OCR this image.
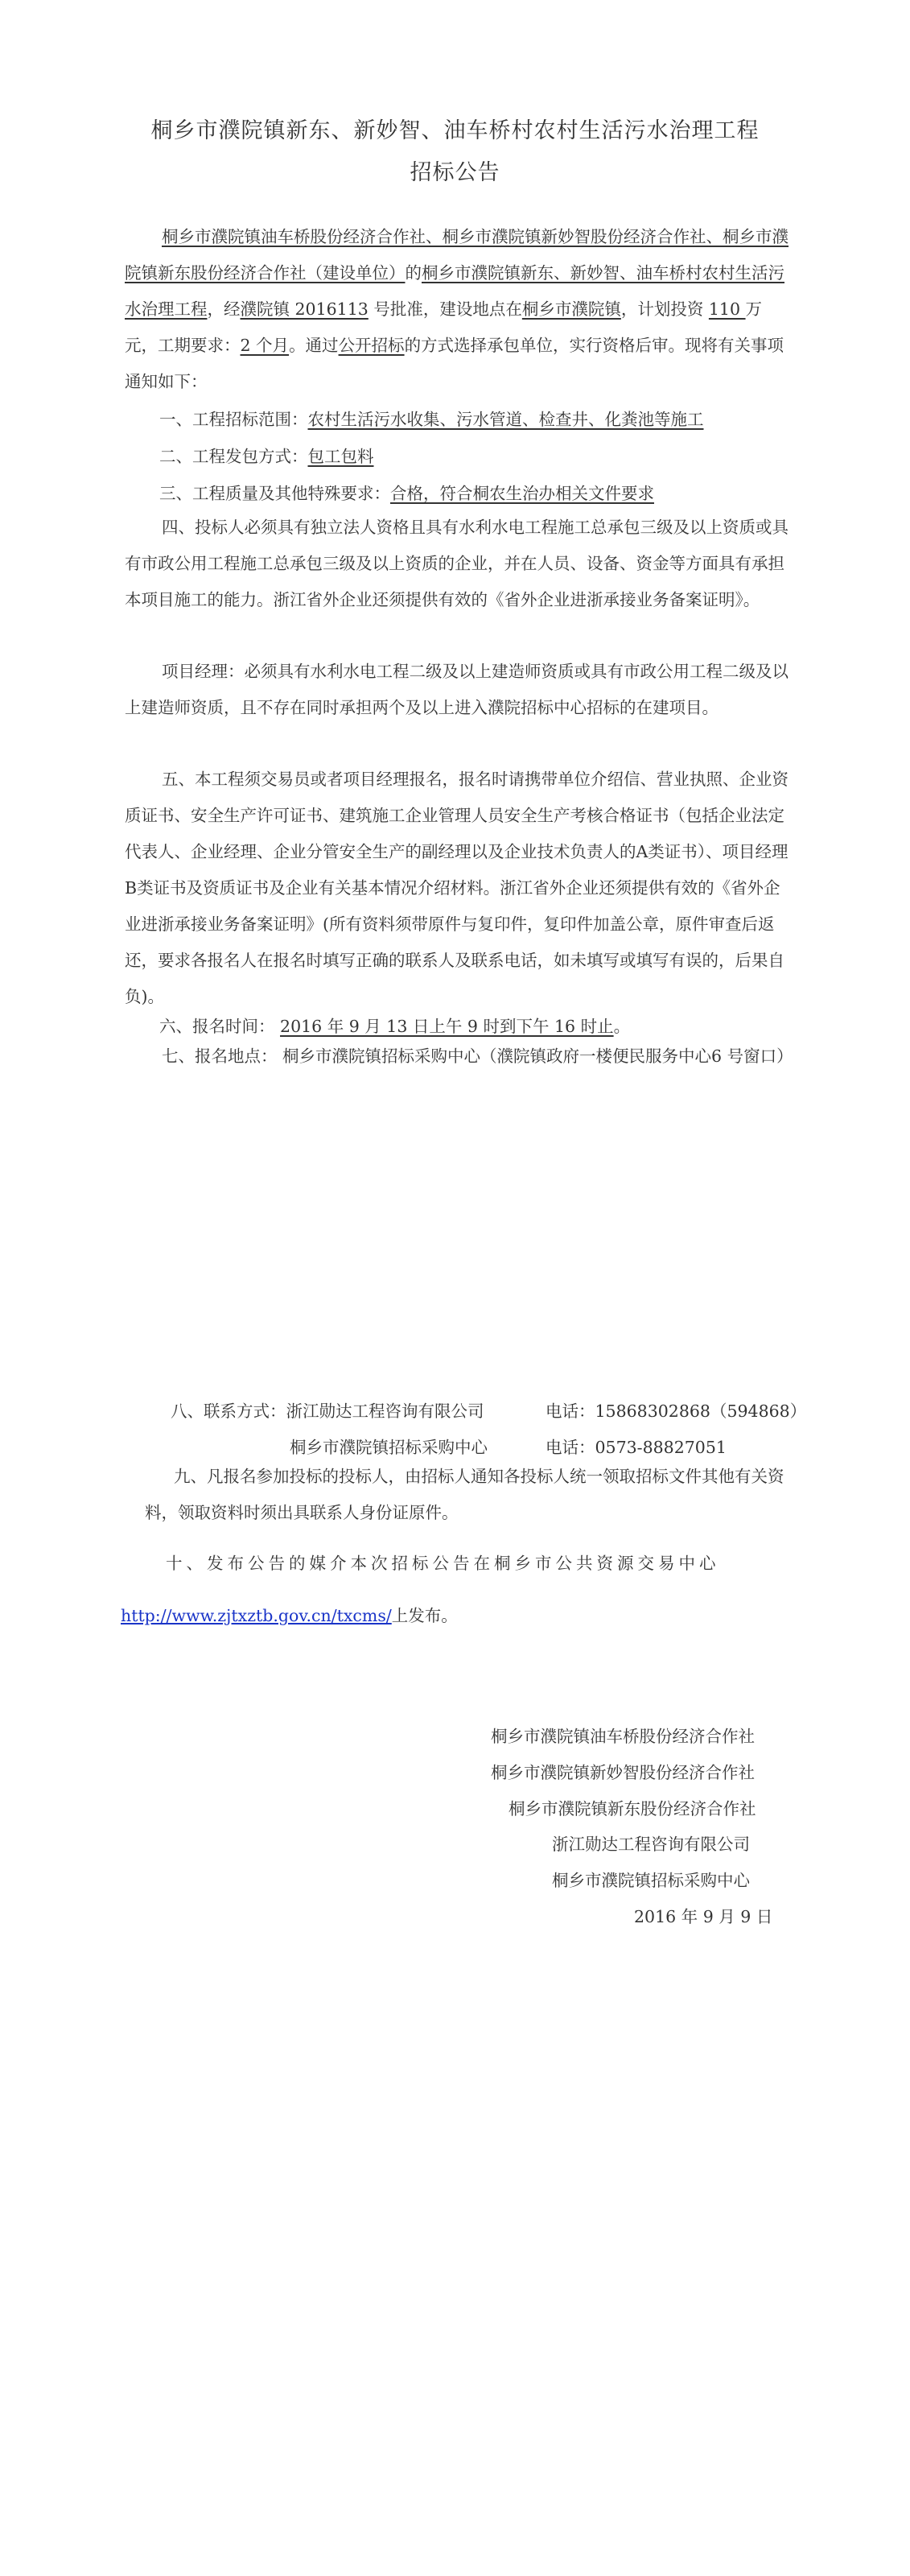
桐乡市濮院镇新东、新妙智、油车桥村农村生活污水治理工程
招标公告
桐乡市濮院镇油车桥股份经济合作社、桐乡市濮院镇新妙智股份经济合作社、桐乡市濮院镇新东股份经济合作社（建设单位）的桐乡市濮院镇新东、新妙智、油车桥村农村生活污水治理工程，经濮院镇 2016113 号批准，建设地点在桐乡市濮院镇，计划投资 110 万元，工期要求：2 个月。通过公开招标的方式选择承包单位，实行资格后审。现将有关事项通知如下：
一、工程招标范围：农村生活污水收集、污水管道、检查井、化粪池等施工
二、工程发包方式：包工包料
三、工程质量及其他特殊要求：合格，符合桐农生治办相关文件要求
四、投标人必须具有独立法人资格且具有水利水电工程施工总承包三级及以上资质或具有市政公用工程施工总承包三级及以上资质的企业，并在人员、设备、资金等方面具有承担本项目施工的能力。浙江省外企业还须提供有效的《省外企业进浙承接业务备案证明》。
项目经理：必须具有水利水电工程二级及以上建造师资质或具有市政公用工程二级及以上建造师资质，且不存在同时承担两个及以上进入濮院招标中心招标的在建项目。
五、本工程须交易员或者项目经理报名，报名时请携带单位介绍信、营业执照、企业资质证书、安全生产许可证书、建筑施工企业管理人员安全生产考核合格证书（包括企业法定代表人、企业经理、企业分管安全生产的副经理以及企业技术负责人的A类证书）、项目经理B类证书及资质证书及企业有关基本情况介绍材料。浙江省外企业还须提供有效的《省外企业进浙承接业务备案证明》(所有资料须带原件与复印件，复印件加盖公章，原件审查后返还，要求各报名人在报名时填写正确的联系人及联系电话，如未填写或填写有误的，后果自负)。
六、报名时间： 2016 年 9 月 13 日上午 9 时到下午 16 时止。
七、报名地点： 桐乡市濮院镇招标采购中心（濮院镇政府一楼便民服务中心6 号窗口）
八、联系方式：浙江勋达工程咨询有限公司	电话：15868302868（594868）
桐乡市濮院镇招标采购中心	电话：0573-88827051
九、凡报名参加投标的投标人，由招标人通知各投标人统一领取招标文件其他有关资料，领取资料时须出具联系人身份证原件。
十、发布公告的媒介本次招标公告在桐乡市公共资源交易中心
http://www.zjtxztb.gov.cn/txcms/上发布。
桐乡市濮院镇油车桥股份经济合作社
桐乡市濮院镇新妙智股份经济合作社
桐乡市濮院镇新东股份经济合作社
浙江勋达工程咨询有限公司
桐乡市濮院镇招标采购中心
2016 年 9 月 9 日
